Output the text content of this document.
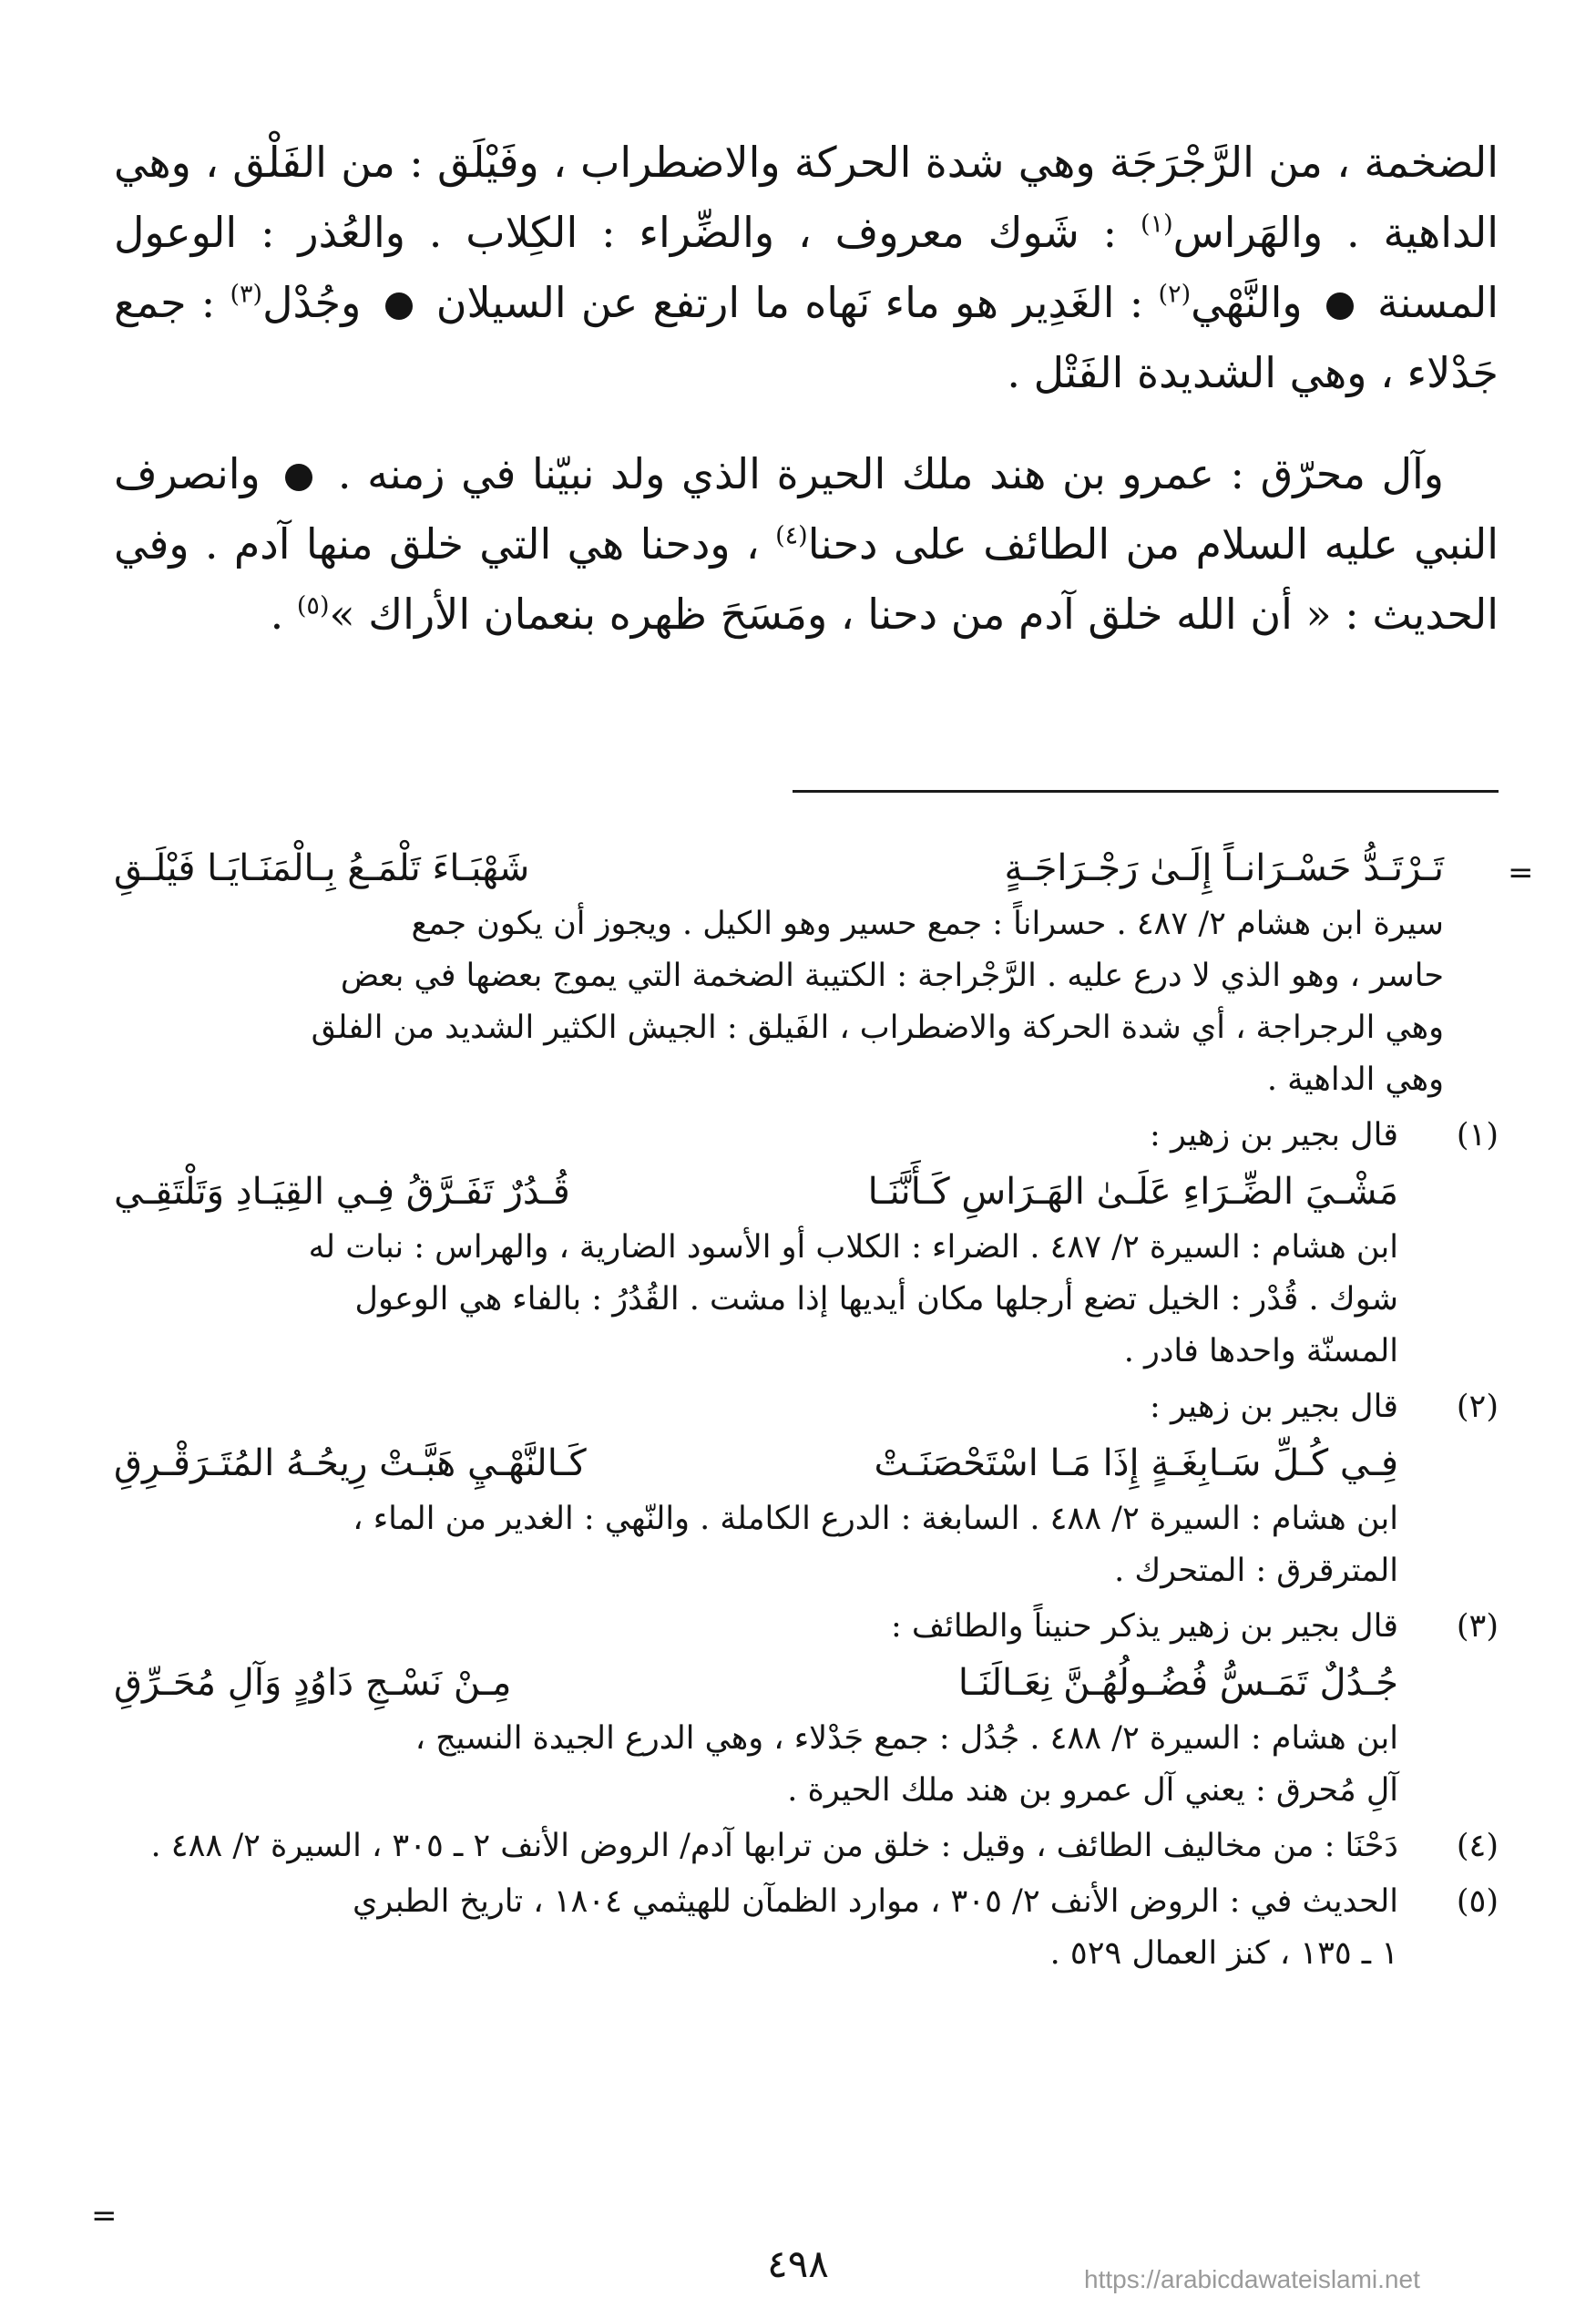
الضخمة ، من الرَّجْرَجَة وهي شدة الحركة والاضطراب ، وفَيْلَق : من الفَلْق ، وهي الداهية . والهَراس$^{(١)}$ : شَوك معروف ، والضِّراء : الكِلاب . والعُذر : الوعول المسنة  والنَّهْي$^{(٢)}$ : الغَدِير هو ماء نَهاه ما ارتفع عن السيلان  وجُدْل$^{(٣)}$ : جمع جَدْلاء ، وهي الشديدة الفَتْل .

وآل محرّق : عمرو بن هند ملك الحيرة الذي ولد نبيّنا في زمنه .  وانصرف النبي عليه السلام من الطائف على دحنا$^{(٤)}$ ، ودحنا هي التي خلق منها آدم . وفي الحديث : « أن الله خلق آدم من دحنا ، ومَسَحَ ظهره بنعمان الأراك »$^{(٥)}$ .

=
تَـرْتَـدُّ حَسْـرَانـاً إِلَـىٰ رَجْـرَاجَـةٍ
شَهْبَـاءَ تَلْمَـعُ بِـالْمَنَـايَـا فَيْلَـقِ
سيرة ابن هشام ٢/ ٤٨٧ . حسراناً : جمع حسير وهو الكيل . ويجوز أن يكون جمع
حاسر ، وهو الذي لا درع عليه . الرَّجْراجة : الكتيبة الضخمة التي يموج بعضها في بعض
وهي الرجراجة ، أي شدة الحركة والاضطراب ، الفَيلق : الجيش الكثير الشديد من الفلق
وهي الداهية .
(١)
قال بجير بن زهير :
مَشْـيَ الضِّـرَاءِ عَلَـىٰ الهَـرَاسِ كَـأَنَّنَـا
قُـدُرٌ تَفَـرَّقُ فِـي القِيَـادِ وَتَلْتَقِـي
ابن هشام : السيرة ٢/ ٤٨٧ . الضراء : الكلاب أو الأسود الضارية ، والهراس : نبات له
شوك . قُدْر : الخيل تضع أرجلها مكان أيديها إذا مشت . القُدُرُ : بالفاء هي الوعول
المسنّة واحدها فادر .
(٢)
قال بجير بن زهير :
فِـي كُـلِّ سَـابِغَـةٍ إِذَا مَـا اسْتَحْصَنَـتْ
كَـالنَّهْـيِ هَبَّـتْ رِيحُـهُ المُتَـرَقْـرِقِ
ابن هشام : السيرة ٢/ ٤٨٨ . السابغة : الدرع الكاملة . والنّهي : الغدير من الماء ،
المترقرق : المتحرك .
(٣)
قال بجير بن زهير يذكر حنيناً والطائف :
جُـدُلٌ تَمَـسُّ فُضُـولُهُـنَّ نِعَـالَنَـا
مِـنْ نَسْـجِ دَاوُدٍ وَآلِ مُحَـرِّقِ
ابن هشام : السيرة ٢/ ٤٨٨ . جُدُل : جمع جَدْلاء ، وهي الدرع الجيدة النسيج ،
آلِ مُحرق : يعني آل عمرو بن هند ملك الحيرة .
(٤)
دَحْنَا : من مخاليف الطائف ، وقيل : خلق من ترابها آدم/ الروض الأنف ٢ ـ ٣٠٥ ، السيرة ٢/ ٤٨٨ .
(٥)
الحديث في : الروض الأنف ٢/ ٣٠٥ ، موارد الظمآن للهيثمي ١٨٠٤ ، تاريخ الطبري
١ ـ ١٣٥ ، كنز العمال ٥٢٩ .
=
https://arabicdawateislami.net
٤٩٨
